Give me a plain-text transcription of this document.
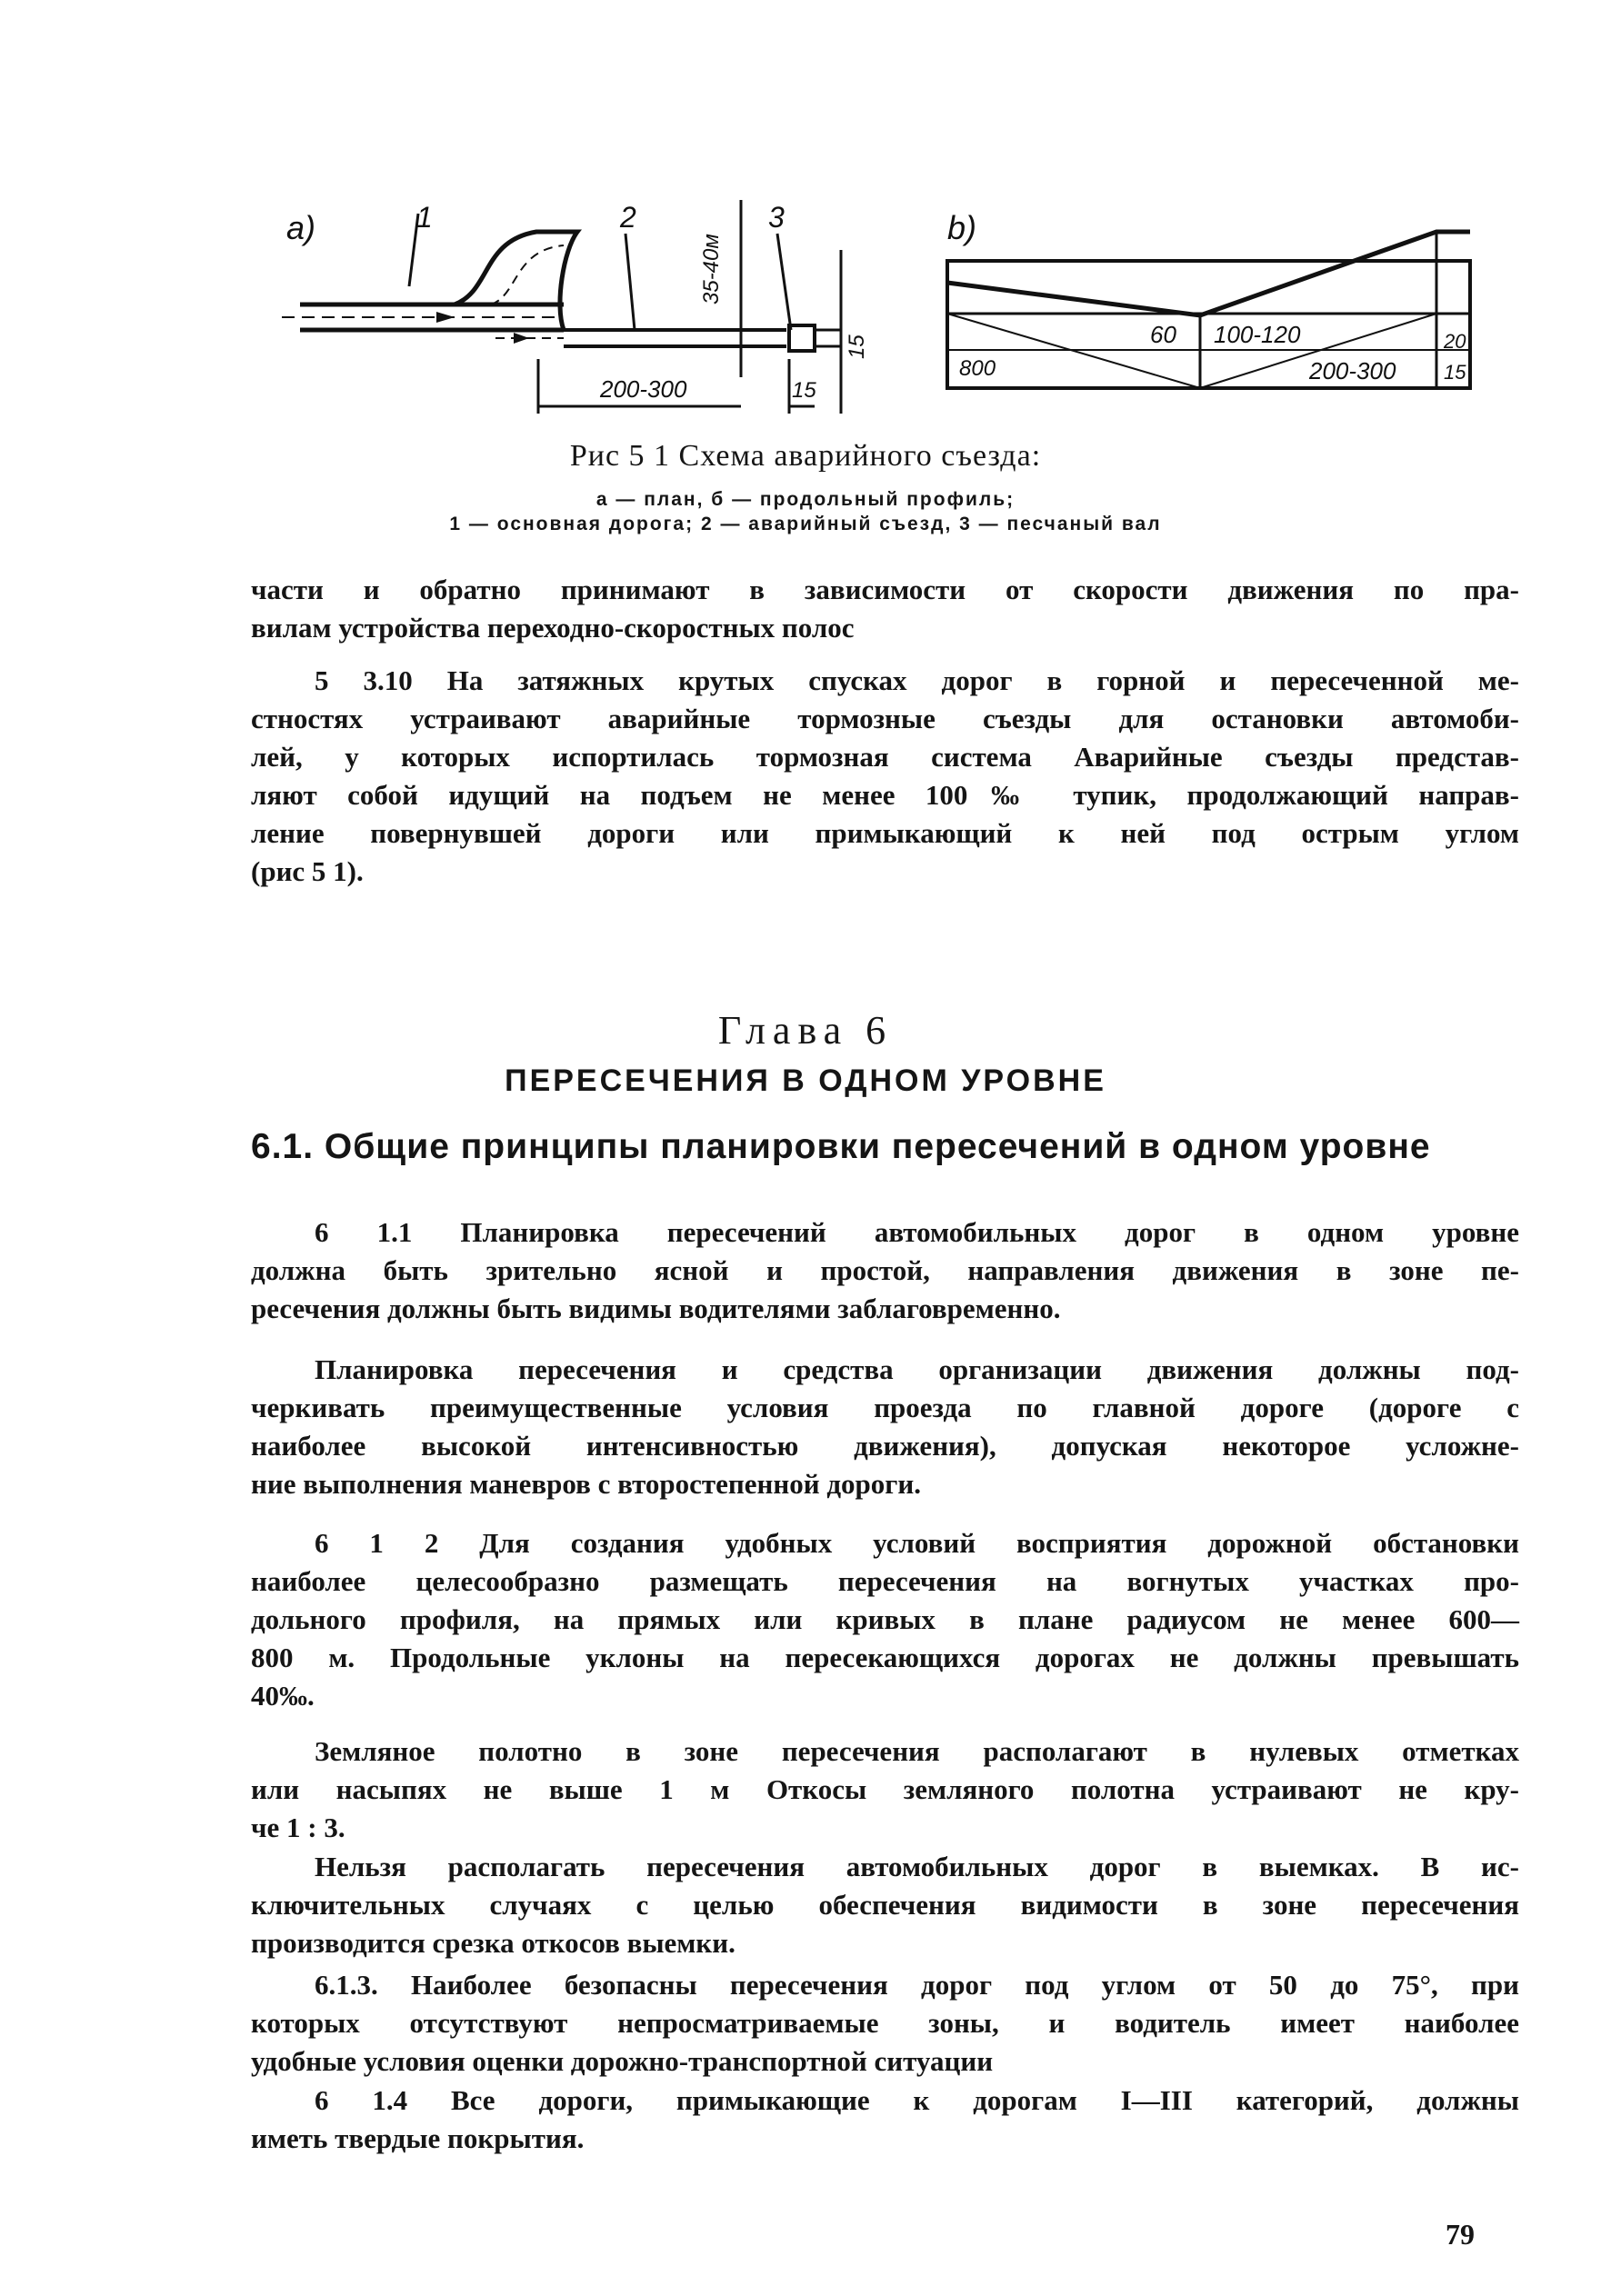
a)	1	2
35-40м
3
15
200-300	15
b)
800
60 100-120
200-300
20
15
Рис 5 1 Схема аварийного съезда:
а — план, б — продольный профиль;
1 — основная дорога; 2 — аварийный съезд, 3 — песчаный вал
части и обратно принимают в зависимости от скорости движения по пра-
вилам устройства переходно-скоростных полос
5 3.10 На затяжных крутых спусках дорог в горной и пересеченной ме-
стностях устраивают аварийные тормозные съезды для остановки автомоби-
лей, у которых испортилась тормозная система Аварийные съезды представ-
ляют собой идущий на подъем не менее 100‰ тупик, продолжающий направ-
ление повернувшей дороги или примыкающий к ней под острым углом
(рис 5 1).
Глава 6
ПЕРЕСЕЧЕНИЯ В ОДНОМ УРОВНЕ
6.1. Общие принципы планировки пересечений в одном уровне
6 1.1 Планировка пересечений автомобильных дорог в одном уровне
должна быть зрительно ясной и простой, направления движения в зоне пе-
ресечения должны быть видимы водителями заблаговременно.
Планировка пересечения и средства организации движения должны под-
черкивать преимущественные условия проезда по главной дороге (дороге с
наиболее высокой интенсивностью движения), допуская некоторое усложне-
ние выполнения маневров с второстепенной дороги.
6 1 2 Для создания удобных условий восприятия дорожной обстановки
наиболее целесообразно размещать пересечения на вогнутых участках про-
дольного профиля, на прямых или кривых в плане радиусом не менее 600—
800 м. Продольные уклоны на пересекающихся дорогах не должны превышать
40‰.
Земляное полотно в зоне пересечения располагают в нулевых отметках
или насыпях не выше 1 м Откосы земляного полотна устраивают не кру-
че 1 : 3.
Нельзя располагать пересечения автомобильных дорог в выемках. В ис-
ключительных случаях с целью обеспечения видимости в зоне пересечения
производится срезка откосов выемки.
6.1.3. Наиболее безопасны пересечения дорог под углом от 50 до 75°, при
которых отсутствуют непросматриваемые зоны, и водитель имеет наиболее
удобные условия оценки дорожно-транспортной ситуации
6 1.4 Все дороги, примыкающие к дорогам I—III категорий, должны
иметь твердые покрытия.
79
